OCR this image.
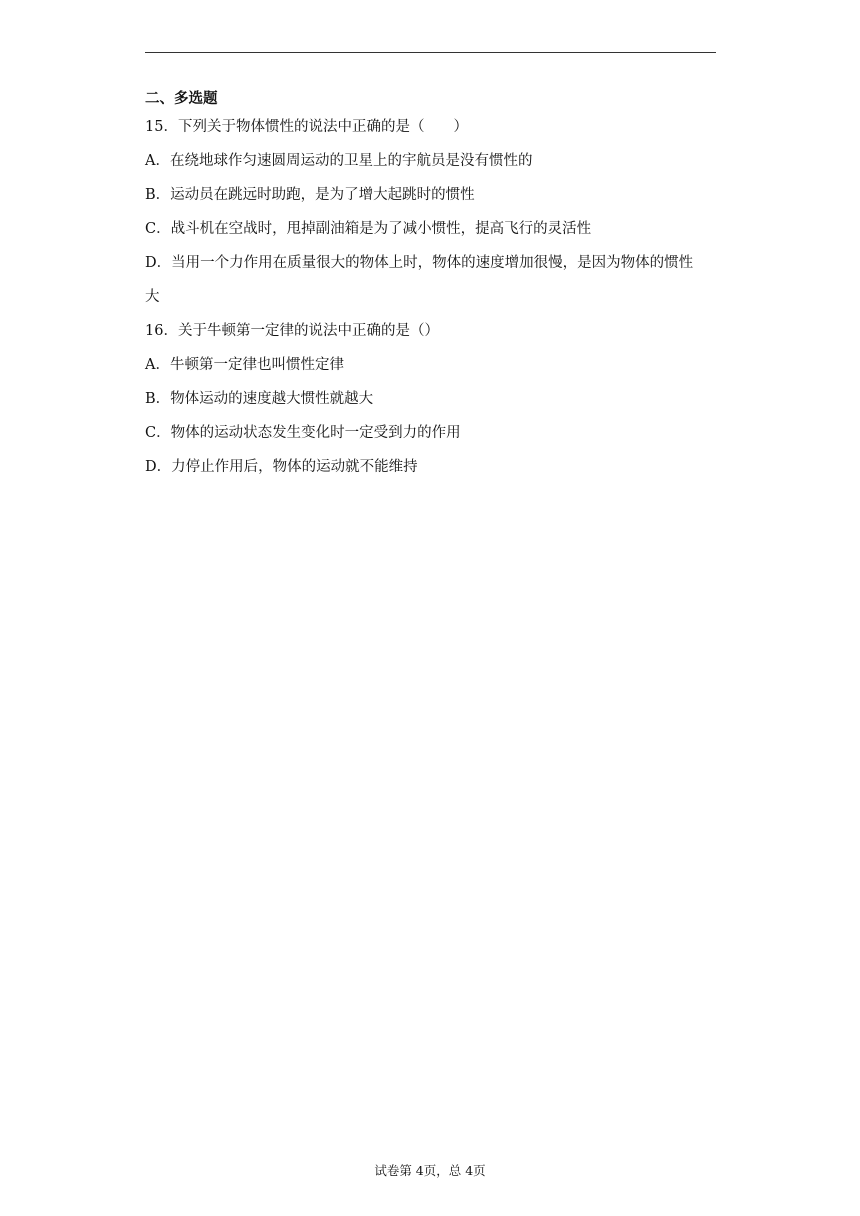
二、多选题
15．下列关于物体惯性的说法中正确的是（　　）
A．在绕地球作匀速圆周运动的卫星上的宇航员是没有惯性的
B．运动员在跳远时助跑，是为了增大起跳时的惯性
C．战斗机在空战时，甩掉副油箱是为了减小惯性，提高飞行的灵活性
D．当用一个力作用在质量很大的物体上时，物体的速度增加很慢，是因为物体的惯性
大
16．关于牛顿第一定律的说法中正确的是（）
A．牛顿第一定律也叫惯性定律
B．物体运动的速度越大惯性就越大
C．物体的运动状态发生变化时一定受到力的作用
D．力停止作用后，物体的运动就不能维持
试卷第 4页，总 4页
